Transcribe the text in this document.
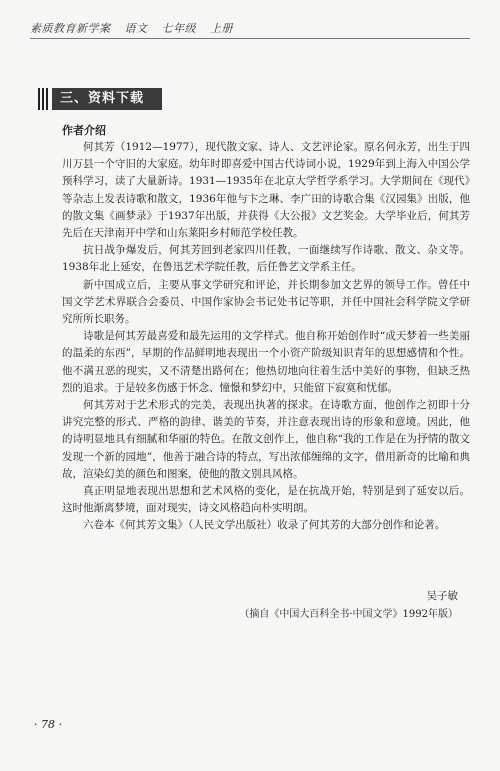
素质教育新学案 语文 七年级 上册
三、资料下载
作者介绍

何其芳（1912—1977），现代散文家、诗人、文艺评论家。原名何永芳，出生于四川万县一个守旧的大家庭。幼年时即喜爱中国古代诗词小说，1929年到上海入中国公学预科学习，读了大量新诗。1931—1935年在北京大学哲学系学习。大学期间在《现代》等杂志上发表诗歌和散文，1936年他与卞之琳、李广田的诗歌合集《汉园集》出版，他的散文集《画梦录》于1937年出版，并获得《大公报》文艺奖金。大学毕业后，何其芳先后在天津南开中学和山东莱阳乡村师范学校任教。

抗日战争爆发后，何其芳回到老家四川任教，一面继续写作诗歌、散文、杂文等。1938年北上延安，在鲁迅艺术学院任教，后任鲁艺文学系主任。

新中国成立后，主要从事文学研究和评论，并长期参加文艺界的领导工作。曾任中国文学艺术界联合会委员、中国作家协会书记处书记等职，并任中国社会科学院文学研究所所长职务。

诗歌是何其芳最喜爱和最先运用的文学样式。他自称开始创作时“成天梦着一些美丽的温柔的东西”，早期的作品鲜明地表现出一个小资产阶级知识青年的思想感情和个性。他不满丑恶的现实，又不清楚出路何在；他热切地向往着生活中美好的事物，但缺乏热烈的追求。于是较多伤感于怀念、憧憬和梦幻中，只能留下寂寞和忧郁。

何其芳对于艺术形式的完美，表现出执著的探求。在诗歌方面，他创作之初即十分讲究完整的形式、严格的韵律、谐美的节奏，并注意表现出诗的形象和意境。因此，他的诗明显地具有细腻和华丽的特色。在散文创作上，他自称“我的工作是在为抒情的散文发现一个新的园地”，他善于融合诗的特点，写出浓郁缠绵的文字，借用新奇的比喻和典故，渲染幻美的颜色和图案，使他的散文别具风格。

真正明显地表现出思想和艺术风格的变化，是在抗战开始，特别是到了延安以后。这时他渐离梦境，面对现实，诗文风格趋向朴实明朗。

六卷本《何其芳文集》（人民文学出版社）收录了何其芳的大部分创作和论著。

吴子敏
（摘自《中国大百科全书·中国文学》1992年版）
· 78 ·
